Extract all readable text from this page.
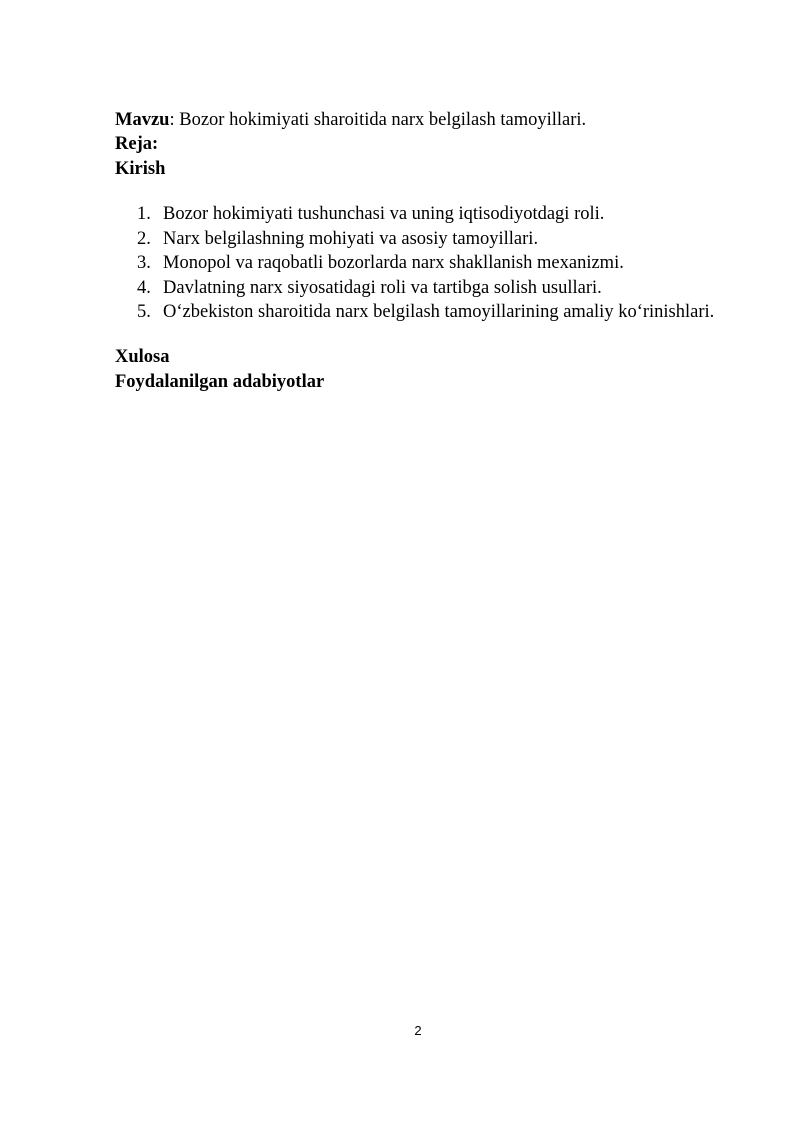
Mavzu: Bozor hokimiyati sharoitida narx belgilash tamoyillari.
Reja:
Kirish
1. Bozor hokimiyati tushunchasi va uning iqtisodiyotdagi roli.
2. Narx belgilashning mohiyati va asosiy tamoyillari.
3. Monopol va raqobatli bozorlarda narx shakllanish mexanizmi.
4. Davlatning narx siyosatidagi roli va tartibga solish usullari.
5. O‘zbekiston sharoitida narx belgilash tamoyillarining amaliy ko‘rinishlari.
Xulosa
Foydalanilgan adabiyotlar
2
